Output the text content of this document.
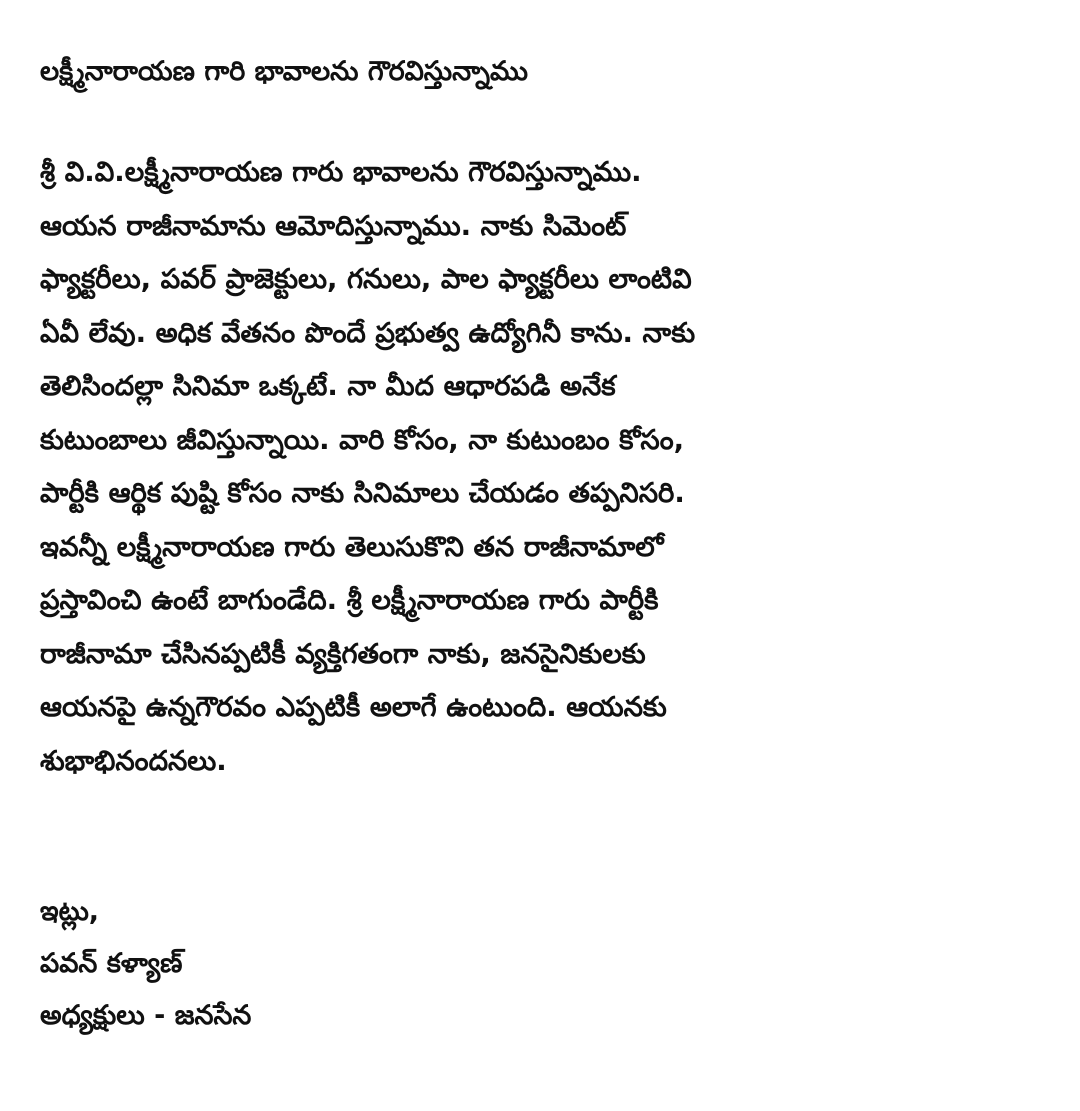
లక్ష్మీనారాయణ గారి భావాలను గౌరవిస్తున్నాము
శ్రీ వి.వి.లక్ష్మీనారాయణ గారు భావాలను గౌరవిస్తున్నాము.
ఆయన రాజీనామాను ఆమోదిస్తున్నాము. నాకు సిమెంట్
ఫ్యాక్టరీలు, పవర్ ప్రాజెక్టులు, గనులు, పాల ఫ్యాక్టరీలు లాంటివి
ఏవీ లేవు. అధిక వేతనం పొందే ప్రభుత్వ ఉద్యోగినీ కాను. నాకు
తెలిసిందల్లా సినిమా ఒక్కటే. నా మీద ఆధారపడి అనేక
కుటుంబాలు జీవిస్తున్నాయి. వారి కోసం, నా కుటుంబం కోసం,
పార్టీకి ఆర్థిక పుష్టి కోసం నాకు సినిమాలు చేయడం తప్పనిసరి.
ఇవన్నీ లక్ష్మీనారాయణ గారు తెలుసుకొని తన రాజీనామాలో
ప్రస్తావించి ఉంటే బాగుండేది. శ్రీ లక్ష్మీనారాయణ గారు పార్టీకి
రాజీనామా చేసినప్పటికీ వ్యక్తిగతంగా నాకు, జనసైనికులకు
ఆయనపై ఉన్నగౌరవం ఎప్పటికీ అలాగే ఉంటుంది. ఆయనకు
శుభాభినందనలు.
ఇట్లు,
పవన్ కళ్యాణ్
అధ్యక్షులు - జనసేన
